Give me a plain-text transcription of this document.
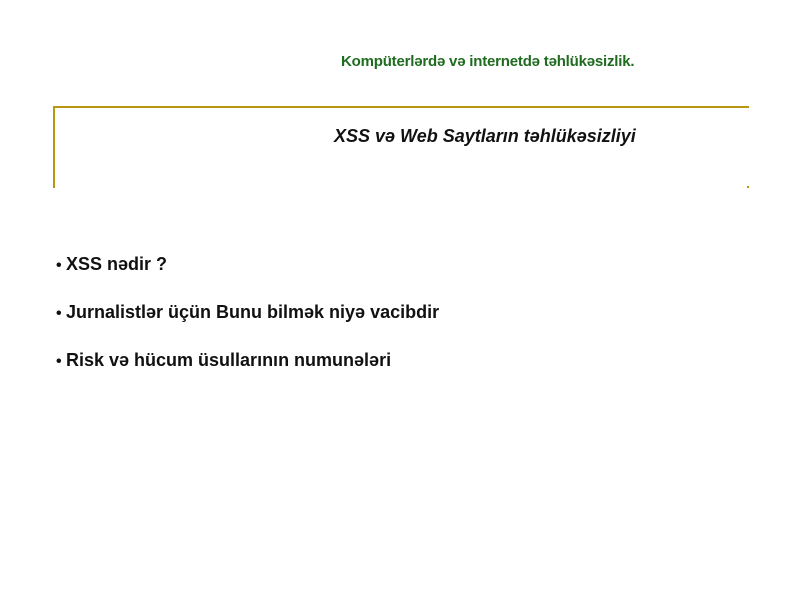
Kompüterlǝrdǝ vǝ internetdǝ tǝhlükǝsizlik.
XSS vǝ Web Saytların tǝhlükǝsizliyi
• XSS nǝdir ?
• Jurnalistlǝr üçün Bunu bilmǝk niyǝ vacibdir
• Risk vǝ hücum üsullarının numunǝlǝri
